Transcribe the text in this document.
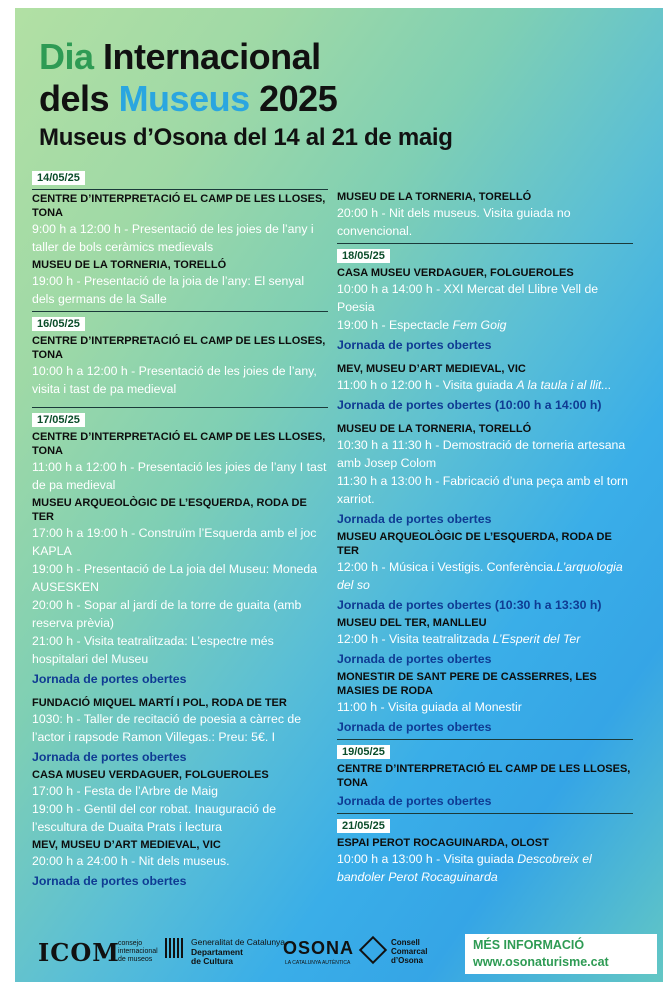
Dia Internacional
dels Museus 2025
Museus d’Osona del 14 al 21 de maig
14/05/25
CENTRE D’INTERPRETACIÓ EL CAMP DE LES LLOSES, TONA
9:00 h a 12:00 h - Presentació de les joies de l’any i taller de bols ceràmics medievals
MUSEU DE LA TORNERIA, TORELLÓ
19:00 h - Presentació de la joia de l’any: El senyal dels germans de la Salle
16/05/25
CENTRE D’INTERPRETACIÓ EL CAMP DE LES LLOSES, TONA
10:00 h a 12:00 h - Presentació de les joies de l’any, visita i tast de pa medieval
17/05/25
CENTRE D’INTERPRETACIÓ EL CAMP DE LES LLOSES, TONA
11:00 h a 12:00 h - Presentació les joies de l’any I tast de pa medieval
MUSEU ARQUEOLÒGIC DE L’ESQUERDA, RODA DE TER
17:00 h a 19:00 h - Construïm l’Esquerda amb el joc KAPLA
19:00 h - Presentació de La joia del Museu: Moneda AUSESKEN
20:00 h - Sopar al jardí de la torre de guaita (amb reserva prèvia)
21:00 h - Visita teatralitzada: L’espectre més hospitalari del Museu
Jornada de portes obertes
FUNDACIÓ MIQUEL MARTÍ I POL, RODA DE TER
1030: h - Taller de recitació de poesia a càrrec de l’actor i rapsode Ramon Villegas.: Preu: 5€. I
Jornada de portes obertes
CASA MUSEU VERDAGUER, FOLGUEROLES
17:00 h - Festa de l’Arbre de Maig
19:00 h - Gentil del cor robat. Inauguració de l’escultura de Duaita Prats i lectura
MEV, MUSEU D’ART MEDIEVAL, VIC
20:00 h a 24:00 h - Nit dels museus.
Jornada de portes obertes
MUSEU DE LA TORNERIA, TORELLÓ
20:00 h - Nit dels museus. Visita guiada no convencional.
18/05/25
CASA MUSEU VERDAGUER, FOLGUEROLES
10:00 h a 14:00 h - XXI Mercat del Llibre Vell de Poesia
19:00 h - Espectacle Fem Goig
Jornada de portes obertes
MEV, MUSEU D’ART MEDIEVAL, VIC
11:00 h o 12:00 h - Visita guiada A la taula i al llit...
Jornada de portes obertes (10:00 h a 14:00 h)
MUSEU DE LA TORNERIA, TORELLÓ
10:30 h a 11:30 h - Demostració de torneria artesana amb Josep Colom
11:30 h a 13:00 h - Fabricació d’una peça amb el torn xarriot.
Jornada de portes obertes
MUSEU ARQUEOLÒGIC DE L’ESQUERDA, RODA DE TER
12:00 h - Música i Vestigis. Conferència.L’arquologia del so
Jornada de portes obertes (10:30 h a 13:30 h)
MUSEU DEL TER, MANLLEU
12:00 h - Visita teatralitzada L’Esperit del Ter
Jornada de portes obertes
MONESTIR DE SANT PERE DE CASSERRES, LES MASIES DE RODA
11:00 h - Visita guiada al Monestir
Jornada de portes obertes
19/05/25
CENTRE D’INTERPRETACIÓ EL CAMP DE LES LLOSES, TONA
Jornada de portes obertes
21/05/25
ESPAI PEROT ROCAGUINARDA, OLOST
10:00 h a 13:00 h - Visita guiada Descobreix el bandoler Perot Rocaguinarda
ICOM
consejo
internacional
de museos
Generalitat de Catalunya
Departament
de Cultura
OSONA
LA CATALUNYA AUTÈNTICA
Consell
Comarcal
d’Osona
MÉS INFORMACIÓ
www.osonaturisme.cat
